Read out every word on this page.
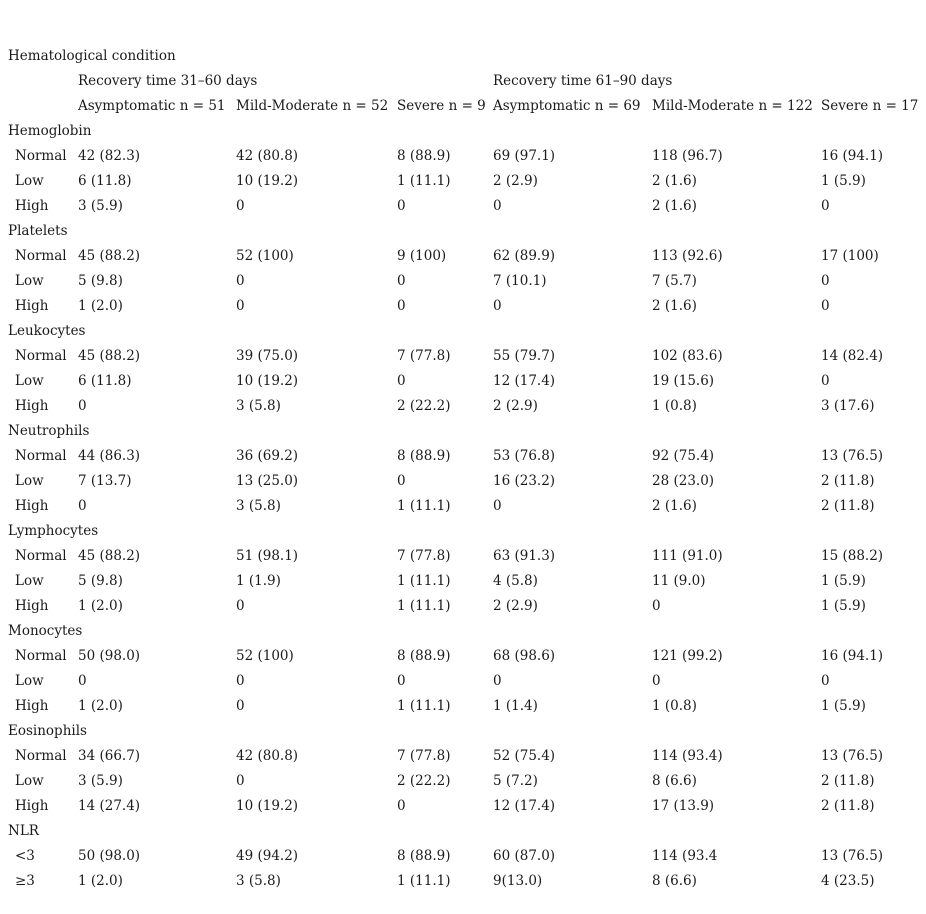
Hematological condition
Recovery time 31–60 days	Recovery time 61–90 days
Asymptomatic n = 51 Mild-Moderate n = 52 Severe n = 9 Asymptomatic n = 69 Mild-Moderate n = 122 Severe n = 17
Hemoglobin
Normal 42 (82.3)	42 (80.8)	8 (88.9)	69 (97.1)	118 (96.7)	16 (94.1)
Low	6 (11.8)	10 (19.2)	1 (11.1)	2 (2.9)	2 (1.6)	1 (5.9)
High 3 (5.9)	0	0	0	2 (1.6)	0
Platelets
Normal 45 (88.2)	52 (100)	9 (100)	62 (89.9)	113 (92.6)	17 (100)
Low	5 (9.8)	0	0	7 (10.1)	7 (5.7)	0
High 1 (2.0)	0	0	0	2 (1.6)	0
Leukocytes
Normal 45 (88.2)	39 (75.0)	7 (77.8)	55 (79.7)	102 (83.6)	14 (82.4)
Low	6 (11.8)	10 (19.2)	0	12 (17.4)	19 (15.6)	0
High 0	3 (5.8)	2 (22.2)	2 (2.9)	1 (0.8)	3 (17.6)
Neutrophils
Normal 44 (86.3)	36 (69.2)	8 (88.9)	53 (76.8)	92 (75.4)	13 (76.5)
Low	7 (13.7)	13 (25.0)	0	16 (23.2)	28 (23.0)	2 (11.8)
High 0	3 (5.8)	1 (11.1)	0	2 (1.6)	2 (11.8)
Lymphocytes
Normal 45 (88.2)	51 (98.1)	7 (77.8)	63 (91.3)	111 (91.0)	15 (88.2)
Low	5 (9.8)	1 (1.9)	1 (11.1)	4 (5.8)	11 (9.0)	1 (5.9)
High 1 (2.0)	0	1 (11.1)	2 (2.9)	0	1 (5.9)
Monocytes
Normal 50 (98.0)	52 (100)	8 (88.9)	68 (98.6)	121 (99.2)	16 (94.1)
Low	0	0	0	0	0	0
High 1 (2.0)	0	1 (11.1)	1 (1.4)	1 (0.8)	1 (5.9)
Eosinophils
Normal 34 (66.7)	42 (80.8)	7 (77.8)	52 (75.4)	114 (93.4)	13 (76.5)
Low	3 (5.9)	0	2 (22.2)	5 (7.2)	8 (6.6)	2 (11.8)
High 14 (27.4)	10 (19.2)	0	12 (17.4)	17 (13.9)	2 (11.8)
NLR
<3	50 (98.0)	49 (94.2)	8 (88.9)	60 (87.0)	114 (93.4	13 (76.5)
≥3	1 (2.0)	3 (5.8)	1 (11.1)	9(13.0)	8 (6.6)	4 (23.5)
